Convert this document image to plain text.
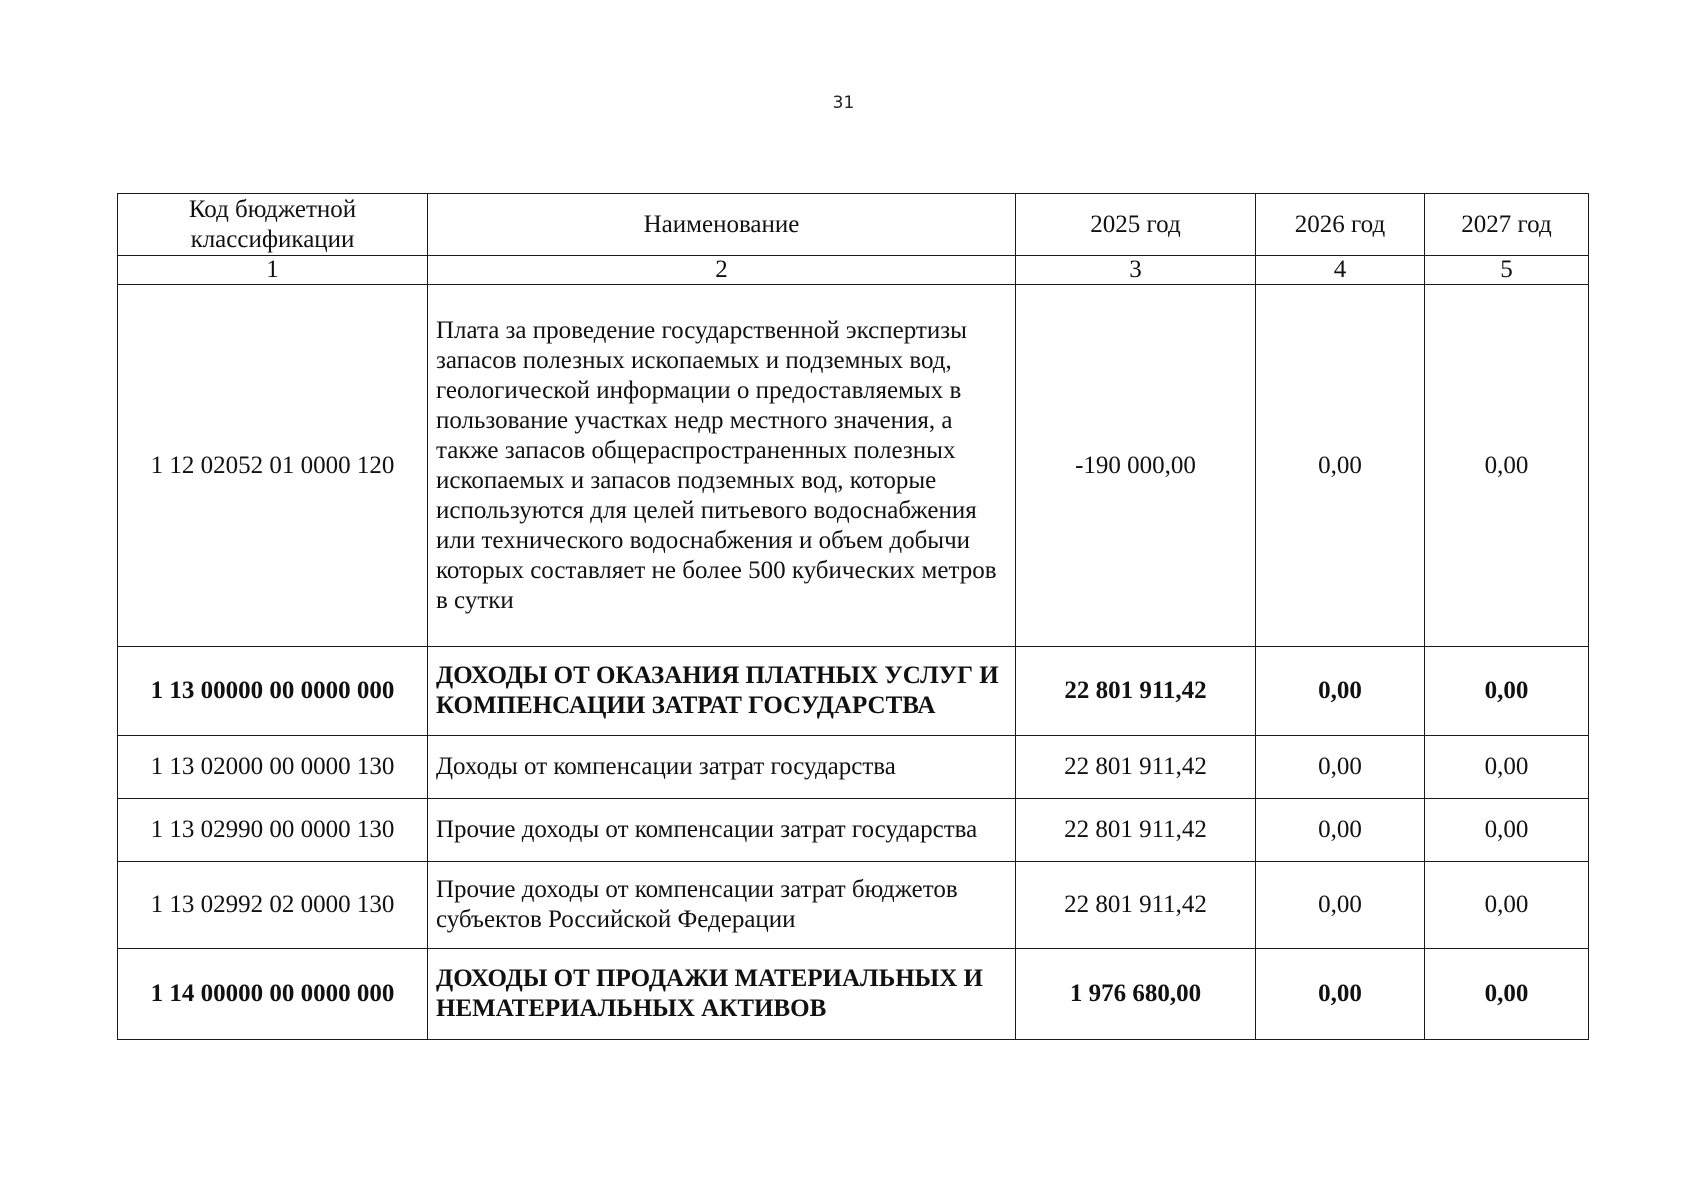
31
Код бюджетной классификации	Наименование	2025 год	2026 год	2027 год
1	2	3	4	5
1 12 02052 01 0000 120	Плата за проведение государственной экспертизы запасов полезных ископаемых и подземных вод, геологической информации о предоставляемых в пользование участках недр местного значения, а также запасов общераспространенных полезных ископаемых и запасов подземных вод, которые используются для целей питьевого водоснабжения или технического водоснабжения и объем добычи которых составляет не более 500 кубических метров в сутки	-190 000,00	0,00	0,00
1 13 00000 00 0000 000	ДОХОДЫ ОТ ОКАЗАНИЯ ПЛАТНЫХ УСЛУГ И КОМПЕНСАЦИИ ЗАТРАТ ГОСУДАРСТВА	22 801 911,42	0,00	0,00
1 13 02000 00 0000 130	Доходы от компенсации затрат государства	22 801 911,42	0,00	0,00
1 13 02990 00 0000 130	Прочие доходы от компенсации затрат государства	22 801 911,42	0,00	0,00
1 13 02992 02 0000 130	Прочие доходы от компенсации затрат бюджетов субъектов Российской Федерации	22 801 911,42	0,00	0,00
1 14 00000 00 0000 000	ДОХОДЫ ОТ ПРОДАЖИ МАТЕРИАЛЬНЫХ И НЕМАТЕРИАЛЬНЫХ АКТИВОВ	1 976 680,00	0,00	0,00
